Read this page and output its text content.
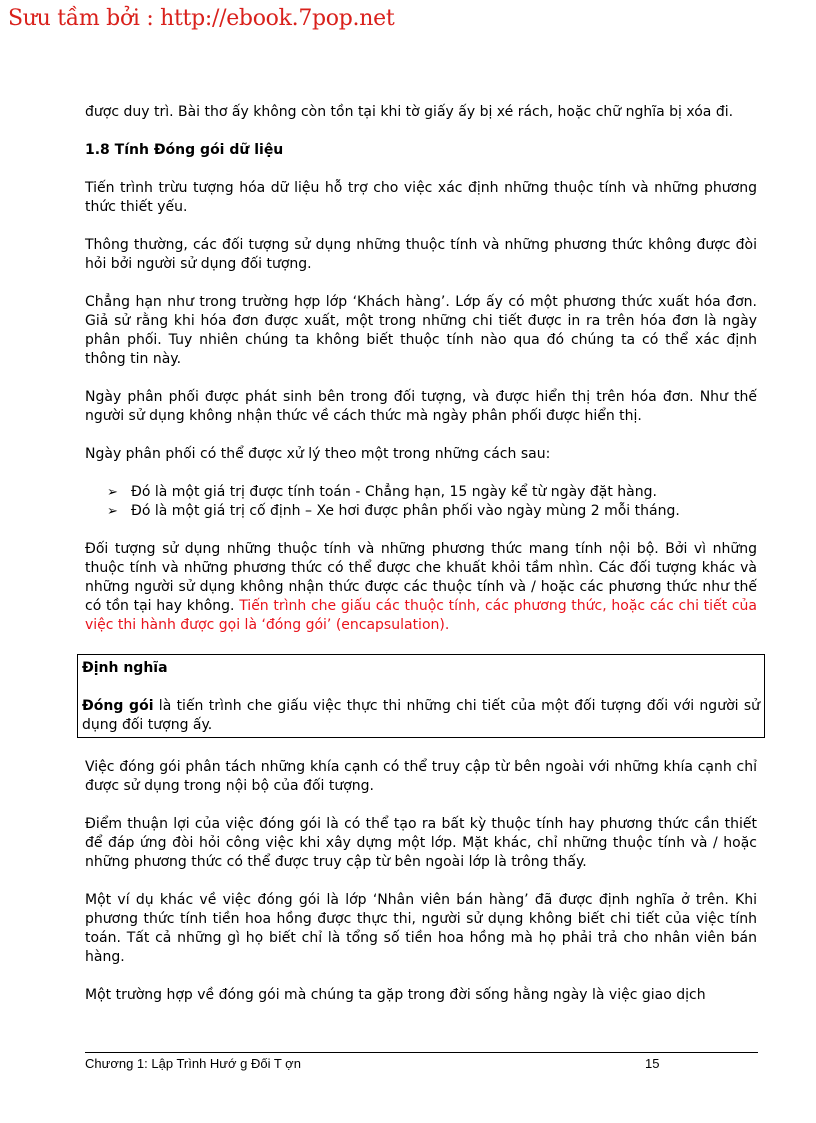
Sưu tầm bởi : http://ebook.7pop.net

được duy trì. Bài thơ ấy không còn tồn tại khi tờ giấy ấy bị xé rách, hoặc chữ nghĩa bị xóa đi.

1.8 Tính Đóng gói dữ liệu

Tiến trình trừu tượng hóa dữ liệu hỗ trợ cho việc xác định những thuộc tính và những phương thức thiết yếu.

Thông thường, các đối tượng sử dụng những thuộc tính và những phương thức không được đòi hỏi bởi người sử dụng đối tượng.

Chẳng hạn như trong trường hợp lớp ‘Khách hàng’. Lớp ấy có một phương thức xuất hóa đơn. Giả sử rằng khi hóa đơn được xuất, một trong những chi tiết được in ra trên hóa đơn là ngày phân phối. Tuy nhiên chúng ta không biết thuộc tính nào qua đó chúng ta có thể xác định thông tin này.

Ngày phân phối được phát sinh bên trong đối tượng, và được hiển thị trên hóa đơn. Như thế người sử dụng không nhận thức về cách thức mà ngày phân phối được hiển thị.

Ngày phân phối có thể được xử lý theo một trong những cách sau:

➢ Đó là một giá trị được tính toán - Chẳng hạn, 15 ngày kể từ ngày đặt hàng.
➢ Đó là một giá trị cố định – Xe hơi được phân phối vào ngày mùng 2 mỗi tháng.

Đối tượng sử dụng những thuộc tính và những phương thức mang tính nội bộ. Bởi vì những thuộc tính và những phương thức có thể được che khuất khỏi tầm nhìn. Các đối tượng khác và những người sử dụng không nhận thức được các thuộc tính và / hoặc các phương thức như thế có tồn tại hay không. Tiến trình che giấu các thuộc tính, các phương thức, hoặc các chi tiết của việc thi hành được gọi là ‘đóng gói’ (encapsulation).

Định nghĩa

Đóng gói là tiến trình che giấu việc thực thi những chi tiết của một đối tượng đối với người sử dụng đối tượng ấy.

Việc đóng gói phân tách những khía cạnh có thể truy cập từ bên ngoài với những khía cạnh chỉ được sử dụng trong nội bộ của đối tượng.

Điểm thuận lợi của việc đóng gói là có thể tạo ra bất kỳ thuộc tính hay phương thức cần thiết để đáp ứng đòi hỏi công việc khi xây dựng một lớp. Mặt khác, chỉ những thuộc tính và / hoặc những phương thức có thể được truy cập từ bên ngoài lớp là trông thấy.

Một ví dụ khác về việc đóng gói là lớp ‘Nhân viên bán hàng’ đã được định nghĩa ở trên. Khi phương thức tính tiền hoa hồng được thực thi, người sử dụng không biết chi tiết của việc tính toán. Tất cả những gì họ biết chỉ là tổng số tiền hoa hồng mà họ phải trả cho nhân viên bán hàng.

Một trường hợp về đóng gói mà chúng ta gặp trong đời sống hằng ngày là việc giao dịch

Chương 1: Lập Trình Hướ g Đối T ợn	15
